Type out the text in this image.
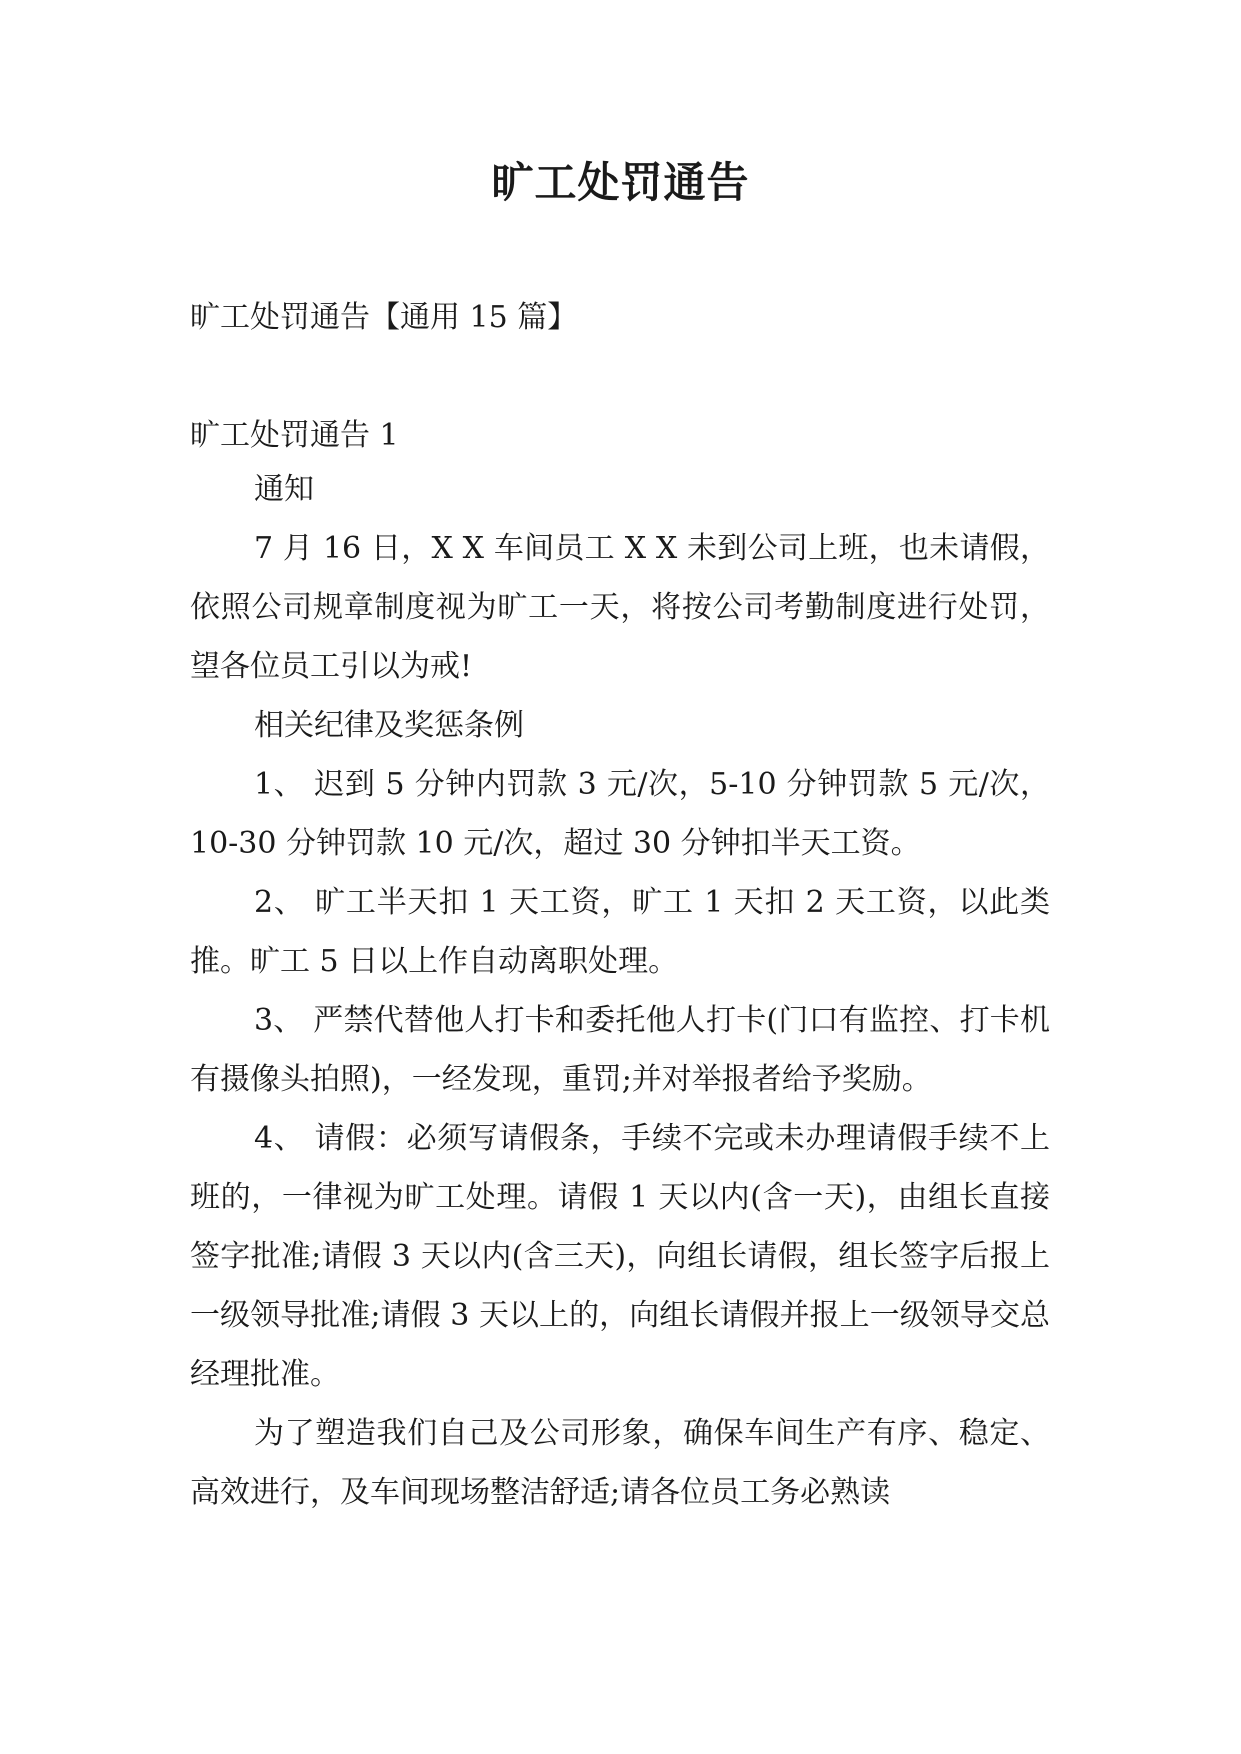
旷工处罚通告

旷工处罚通告【通用 15 篇】

旷工处罚通告 1

通知

7 月 16 日，X X 车间员工 X X 未到公司上班，也未请假，依照公司规章制度视为旷工一天，将按公司考勤制度进行处罚，望各位员工引以为戒!

相关纪律及奖惩条例

1、 迟到 5 分钟内罚款 3 元/次，5-10 分钟罚款 5 元/次，10-30 分钟罚款 10 元/次，超过 30 分钟扣半天工资。

2、 旷工半天扣 1 天工资，旷工 1 天扣 2 天工资，以此类推。旷工 5 日以上作自动离职处理。

3、 严禁代替他人打卡和委托他人打卡(门口有监控、打卡机有摄像头拍照)，一经发现，重罚;并对举报者给予奖励。

4、 请假：必须写请假条，手续不完或未办理请假手续不上班的，一律视为旷工处理。请假 1 天以内(含一天)，由组长直接签字批准;请假 3 天以内(含三天)，向组长请假，组长签字后报上一级领导批准;请假 3 天以上的，向组长请假并报上一级领导交总经理批准。

为了塑造我们自己及公司形象，确保车间生产有序、稳定、高效进行，及车间现场整洁舒适;请各位员工务必熟读
